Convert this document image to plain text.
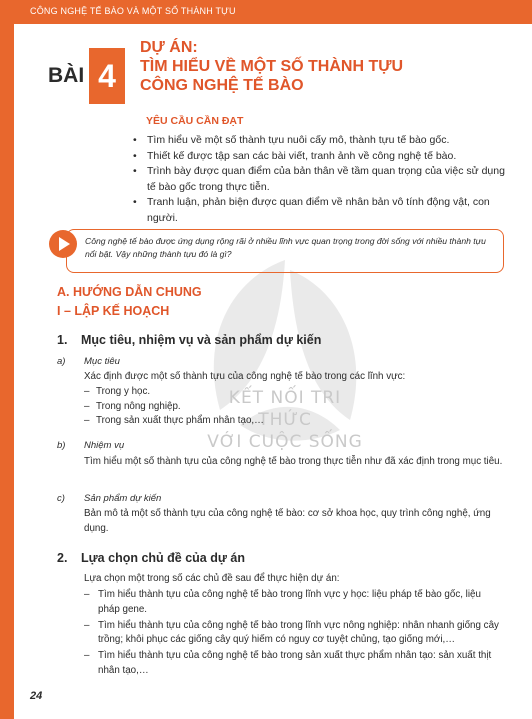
CÔNG NGHỆ TẾ BÀO VÀ MỘT SỐ THÀNH TỰU
KẾT NỐI TRI THỨC
VỚI CUỘC SỐNG
BÀI 4
DỰ ÁN:
TÌM HIỂU VỀ MỘT SỐ THÀNH TỰU
CÔNG NGHỆ TẾ BÀO
YÊU CẦU CẦN ĐẠT
• Tìm hiểu về một số thành tựu nuôi cấy mô, thành tựu tế bào gốc.
• Thiết kế được tập san các bài viết, tranh ảnh về công nghệ tế bào.
• Trình bày được quan điểm của bản thân về tầm quan trọng của việc sử dụng tế bào gốc trong thực tiễn.
• Tranh luận, phản biện được quan điểm về nhân bản vô tính động vật, con người.
Công nghệ tế bào được ứng dụng rộng rãi ở nhiều lĩnh vực quan trọng trong đời sống với nhiều thành tựu nổi bật. Vậy những thành tựu đó là gì?
A. HƯỚNG DẪN CHUNG
I – LẬP KẾ HOẠCH
1. Mục tiêu, nhiệm vụ và sản phẩm dự kiến
a) Mục tiêu
Xác định được một số thành tựu của công nghệ tế bào trong các lĩnh vực:
– Trong y học.
– Trong nông nghiệp.
– Trong sản xuất thực phẩm nhân tạo,…
b) Nhiệm vụ
Tìm hiểu một số thành tựu của công nghệ tế bào trong thực tiễn như đã xác định trong mục tiêu.
c) Sản phẩm dự kiến
Bản mô tả một số thành tựu của công nghệ tế bào: cơ sở khoa học, quy trình công nghệ, ứng dụng.
2. Lựa chọn chủ đề của dự án
Lựa chọn một trong số các chủ đề sau để thực hiện dự án:
– Tìm hiểu thành tựu của công nghệ tế bào trong lĩnh vực y học: liệu pháp tế bào gốc, liệu pháp gene.
– Tìm hiểu thành tựu của công nghệ tế bào trong lĩnh vực nông nghiệp: nhân nhanh giống cây trồng; khôi phục các giống cây quý hiếm có nguy cơ tuyệt chủng, tạo giống mới,…
– Tìm hiểu thành tựu của công nghệ tế bào trong sản xuất thực phẩm nhân tạo: sản xuất thịt nhân tạo,…
24
